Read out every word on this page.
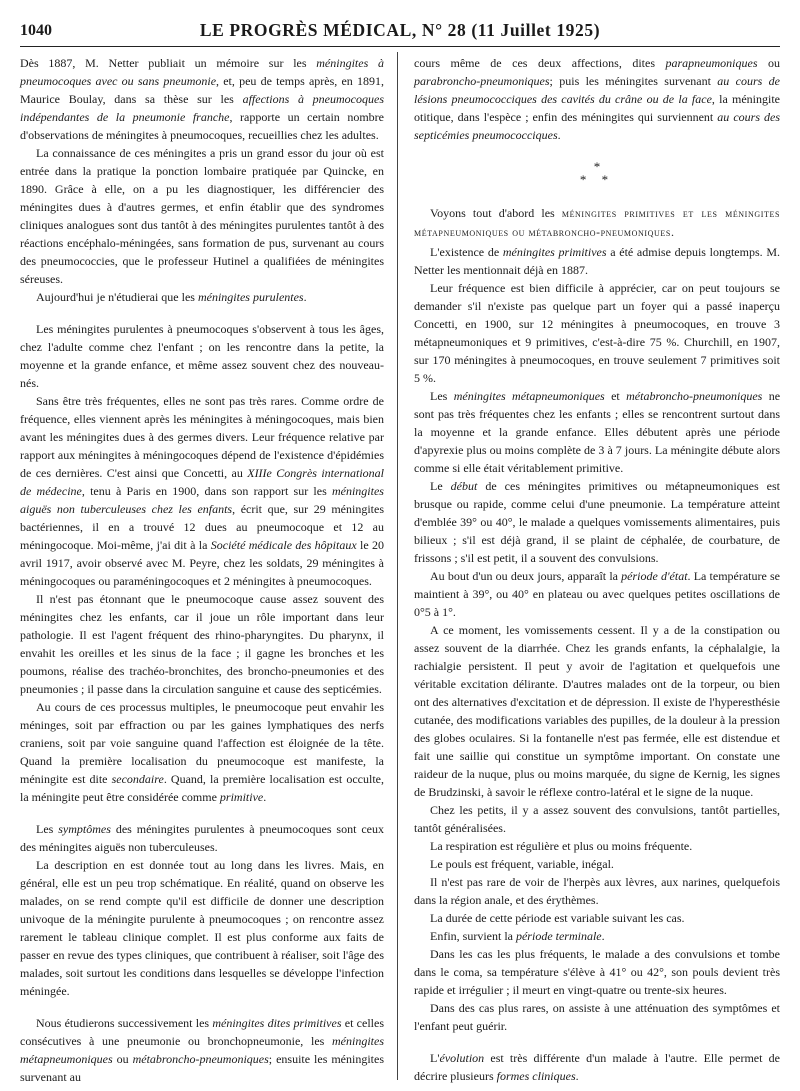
1040	LE PROGRÈS MÉDICAL, N° 28 (11 Juillet 1925)

Dès 1887, M. Netter publiait un mémoire sur les méningites à pneumocoques avec ou sans pneumonie, et, peu de temps après, en 1891, Maurice Boulay, dans sa thèse sur les affections à pneumocoques indépendantes de la pneumonie franche, rapporte un certain nombre d'observations de méningites à pneumocoques, recueillies chez les adultes.

La connaissance de ces méningites a pris un grand essor du jour où est entrée dans la pratique la ponction lombaire pratiquée par Quincke, en 1890. Grâce à elle, on a pu les diagnostiquer, les différencier des méningites dues à d'autres germes, et enfin établir que des syndromes cliniques analogues sont dus tantôt à des méningites purulentes tantôt à des réactions encéphalo-méningées, sans formation de pus, survenant au cours des pneumococcies, que le professeur Hutinel a qualifiées de méningites séreuses.

Aujourd'hui je n'étudierai que les méningites purulentes.

Les méningites purulentes à pneumocoques s'observent à tous les âges, chez l'adulte comme chez l'enfant ; on les rencontre dans la petite, la moyenne et la grande enfance, et même assez souvent chez des nouveau-nés.

Sans être très fréquentes, elles ne sont pas très rares. Comme ordre de fréquence, elles viennent après les méningites à méningocoques, mais bien avant les méningites dues à des germes divers. Leur fréquence relative par rapport aux méningites à méningocoques dépend de l'existence d'épidémies de ces dernières. C'est ainsi que Concetti, au XIIIe Congrès international de médecine, tenu à Paris en 1900, dans son rapport sur les méningites aiguës non tuberculeuses chez les enfants, écrit que, sur 29 méningites bactériennes, il en a trouvé 12 dues au pneumocoque et 12 au méningocoque. Moi-même, j'ai dit à la Société médicale des hôpitaux le 20 avril 1917, avoir observé avec M. Peyre, chez les soldats, 29 méningites à méningocoques ou paraméningocoques et 2 méningites à pneumocoques.

Il n'est pas étonnant que le pneumocoque cause assez souvent des méningites chez les enfants, car il joue un rôle important dans leur pathologie. Il est l'agent fréquent des rhino-pharyngites. Du pharynx, il envahit les oreilles et les sinus de la face ; il gagne les bronches et les poumons, réalise des trachéo-bronchites, des broncho-pneumonies et des pneumonies ; il passe dans la circulation sanguine et cause des septicémies.

Au cours de ces processus multiples, le pneumocoque peut envahir les méninges, soit par effraction ou par les gaines lymphatiques des nerfs craniens, soit par voie sanguine quand l'affection est éloignée de la tête. Quand la première localisation du pneumocoque est manifeste, la méningite est dite secondaire. Quand, la première localisation est occulte, la méningite peut être considérée comme primitive.

Les symptômes des méningites purulentes à pneumocoques sont ceux des méningites aiguës non tuberculeuses.

La description en est donnée tout au long dans les livres. Mais, en général, elle est un peu trop schématique. En réalité, quand on observe les malades, on se rend compte qu'il est difficile de donner une description univoque de la méningite purulente à pneumocoques ; on rencontre assez rarement le tableau clinique complet. Il est plus conforme aux faits de passer en revue des types cliniques, que contribuent à réaliser, soit l'âge des malades, soit surtout les conditions dans lesquelles se développe l'infection méningée.

Nous étudierons successivement les méningites dites primitives et celles consécutives à une pneumonie ou bronchopneumonie, les méningites métapneumoniques ou métabroncho-pneumoniques; ensuite les méningites survenant au

cours même de ces deux affections, dites parapneumoniques ou parabroncho-pneumoniques; puis les méningites survenant au cours de lésions pneumococciques des cavités du crâne ou de la face, la méningite otitique, dans l'espèce ; enfin des méningites qui surviennent au cours des septicémies pneumococciques.

*
* *

Voyons tout d'abord les méningites primitives et les méningites métapneumoniques ou métabroncho-pneumoniques.

L'existence de méningites primitives a été admise depuis longtemps. M. Netter les mentionnait déjà en 1887.

Leur fréquence est bien difficile à apprécier, car on peut toujours se demander s'il n'existe pas quelque part un foyer qui a passé inaperçu Concetti, en 1900, sur 12 méningites à pneumocoques, en trouve 3 métapneumoniques et 9 primitives, c'est-à-dire 75 %. Churchill, en 1907, sur 170 méningites à pneumocoques, en trouve seulement 7 primitives soit 5 %.

Les méningites métapneumoniques et métabroncho-pneumoniques ne sont pas très fréquentes chez les enfants ; elles se rencontrent surtout dans la moyenne et la grande enfance. Elles débutent après une période d'apyrexie plus ou moins complète de 3 à 7 jours. La méningite débute alors comme si elle était véritablement primitive.

Le début de ces méningites primitives ou métapneumoniques est brusque ou rapide, comme celui d'une pneumonie. La température atteint d'emblée 39° ou 40°, le malade a quelques vomissements alimentaires, puis bilieux ; s'il est déjà grand, il se plaint de céphalée, de courbature, de frissons ; s'il est petit, il a souvent des convulsions.

Au bout d'un ou deux jours, apparaît la période d'état. La température se maintient à 39°, ou 40° en plateau ou avec quelques petites oscillations de 0°5 à 1°.

A ce moment, les vomissements cessent. Il y a de la constipation ou assez souvent de la diarrhée. Chez les grands enfants, la céphalalgie, la rachialgie persistent. Il peut y avoir de l'agitation et quelquefois une véritable excitation délirante. D'autres malades ont de la torpeur, ou bien ont des alternatives d'excitation et de dépression. Il existe de l'hyperesthésie cutanée, des modifications variables des pupilles, de la douleur à la pression des globes oculaires. Si la fontanelle n'est pas fermée, elle est distendue et fait une saillie qui constitue un symptôme important. On constate une raideur de la nuque, plus ou moins marquée, du signe de Kernig, les signes de Brudzinski, à savoir le réflexe contro-latéral et le signe de la nuque.

Chez les petits, il y a assez souvent des convulsions, tantôt partielles, tantôt généralisées.

La respiration est régulière et plus ou moins fréquente.

Le pouls est fréquent, variable, inégal.

Il n'est pas rare de voir de l'herpès aux lèvres, aux narines, quelquefois dans la région anale, et des érythèmes.

La durée de cette période est variable suivant les cas.

Enfin, survient la période terminale.

Dans les cas les plus fréquents, le malade a des convulsions et tombe dans le coma, sa température s'élève à 41° ou 42°, son pouls devient très rapide et irrégulier ; il meurt en vingt-quatre ou trente-six heures.

Dans des cas plus rares, on assiste à une atténuation des symptômes et l'enfant peut guérir.

L'évolution est très différente d'un malade à l'autre. Elle permet de décrire plusieurs formes cliniques.
